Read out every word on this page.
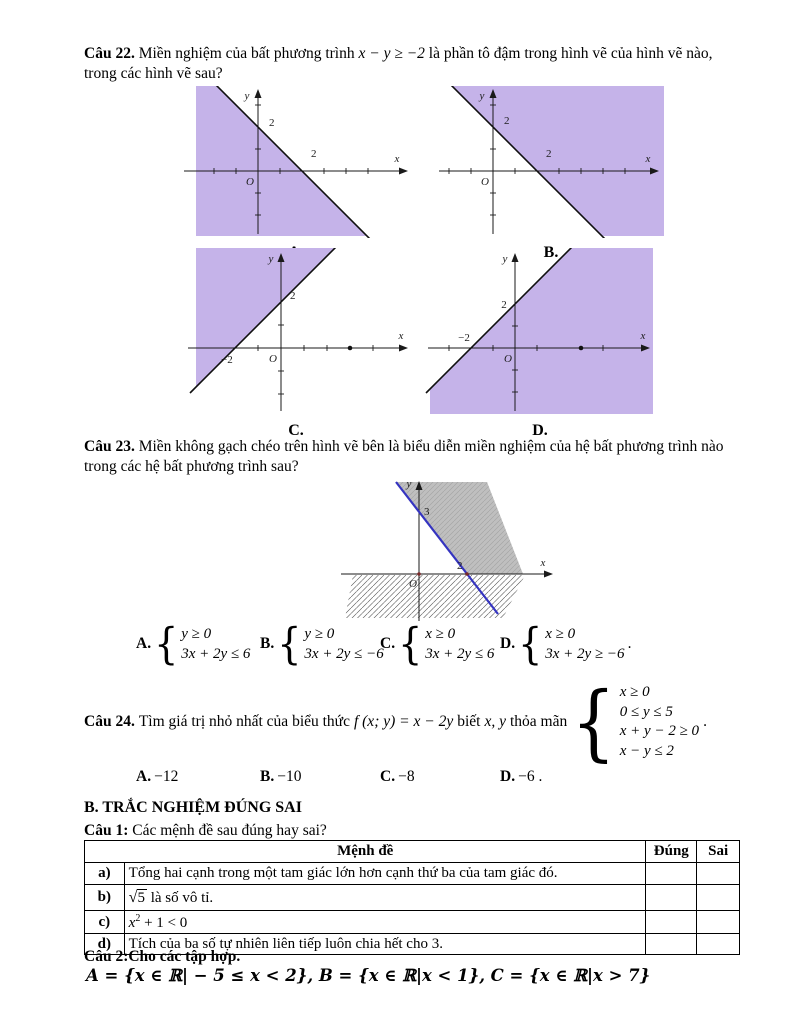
Câu 22. Miền nghiệm của bất phương trình x − y ≥ −2 là phần tô đậm trong hình vẽ của hình vẽ nào,
trong các hình vẽ sau?
y
x
O
2
2
y
x
O
2
2
B.
y
x
O
2
−2
C.
y
x
O
2
−2
D.
Câu 23. Miền không gạch chéo trên hình vẽ bên là biểu diễn miền nghiệm của hệ bất phương trình nào
trong các hệ bất phương trình sau?
y
x
O
3
2
A. { y ≥ 0
3x + 2y ≤ 6
B. { y ≥ 0
3x + 2y ≤ −6
C. { x ≥ 0
3x + 2y ≤ 6
D. { x ≥ 0
3x + 2y ≥ −6
.
Câu 24. Tìm giá trị nhỏ nhất của biểu thức f (x; y) = x − 2y biết x, y thỏa mãn { x ≥ 0
0 ≤ y ≤ 5
x + y − 2 ≥ 0
x − y ≤ 2
.
A. −12	B. −10	C. −8	D. −6 .
B. TRẮC NGHIỆM ĐÚNG SAI
Câu 1: Các mệnh đề sau đúng hay sai?
Mệnh đề		Đúng	Sai
a)	Tổng hai cạnh trong một tam giác lớn hơn cạnh thứ ba của tam giác đó.		
b)	√5 là số vô tỉ.		
c)	$x^2 + 1 < 0$		
d)	Tích của ba số tự nhiên liên tiếp luôn chia hết cho 3.		
Câu 2:Cho các tập hợp.
A = {x ∈ ℝ| − 5 ≤ x < 2}, B = {x ∈ ℝ|x < 1}, C = {x ∈ ℝ|x > 7}
